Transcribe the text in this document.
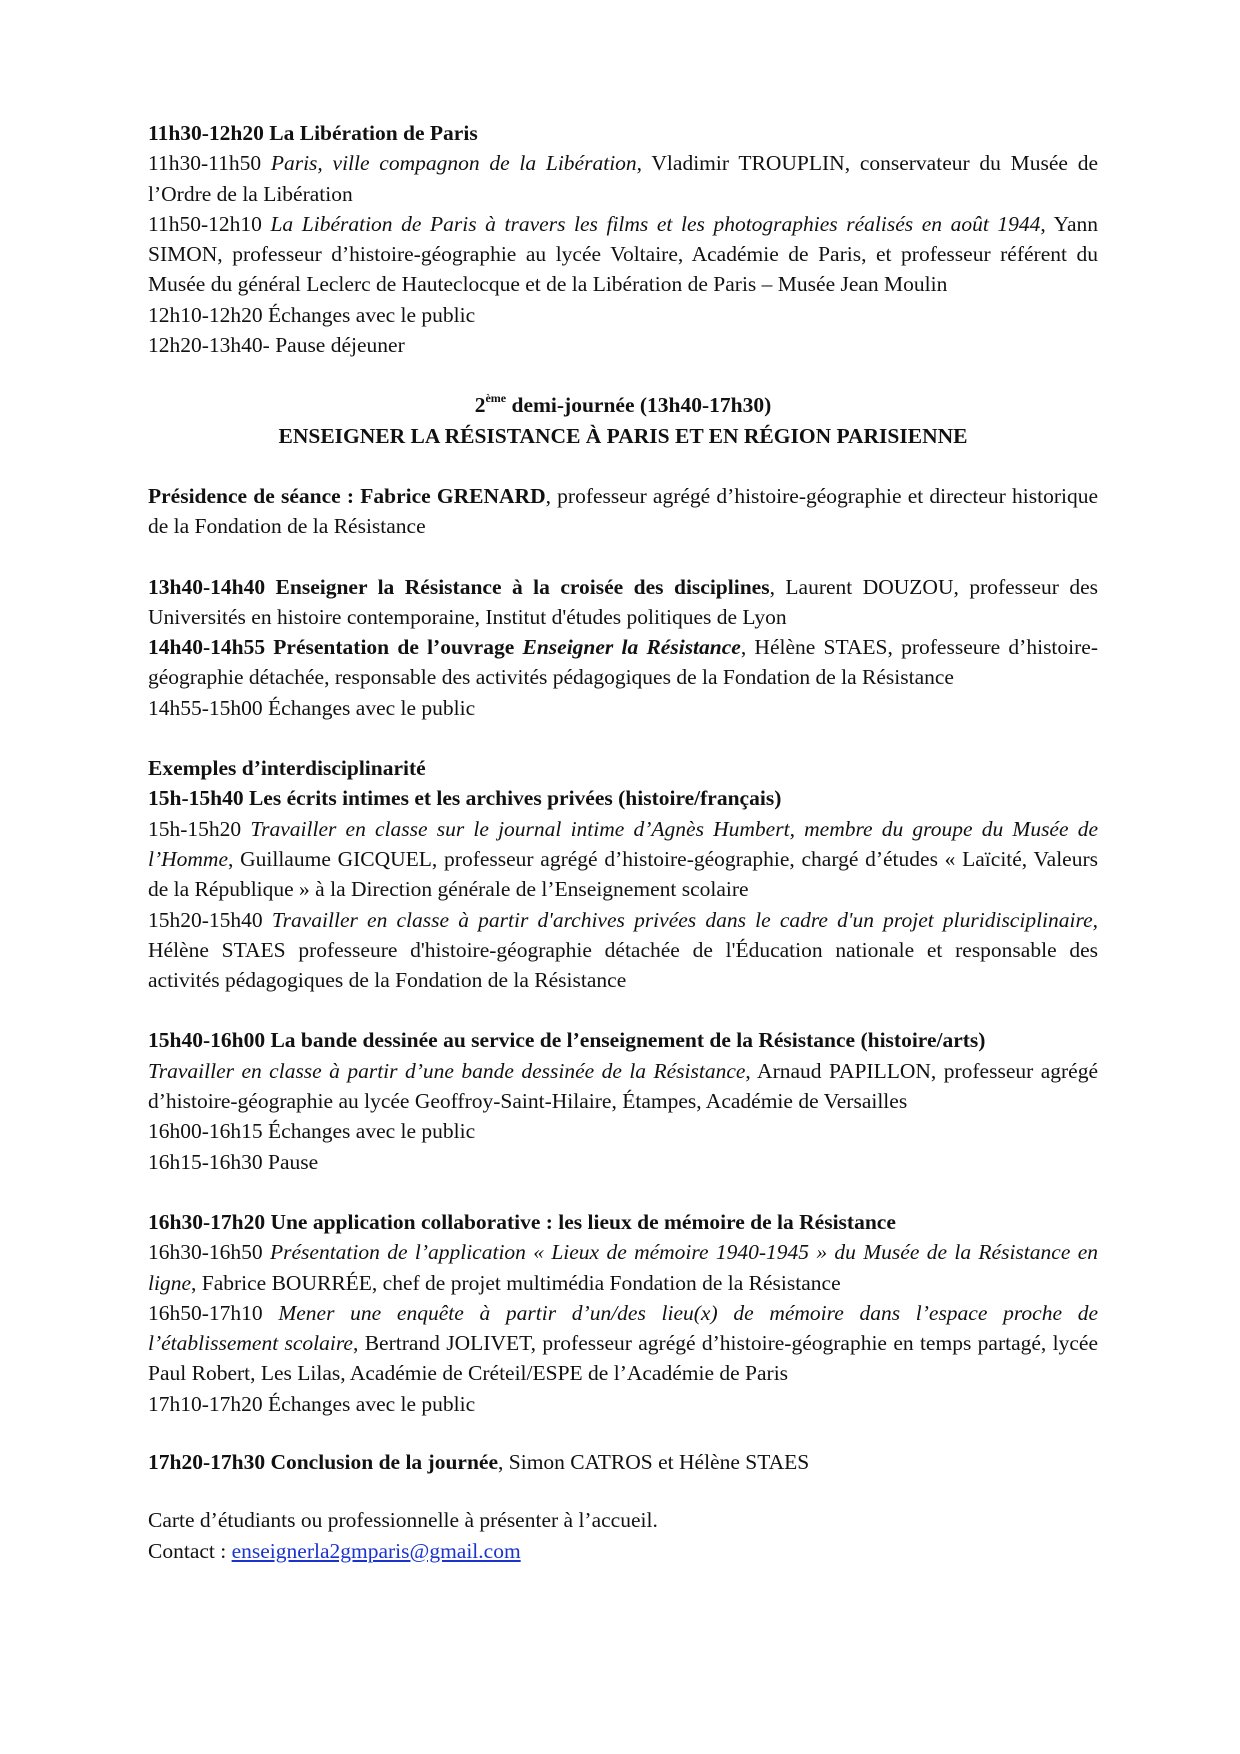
11h30-12h20 La Libération de Paris

11h30-11h50 Paris, ville compagnon de la Libération, Vladimir TROUPLIN, conservateur du Musée de l’Ordre de la Libération

11h50-12h10 La Libération de Paris à travers les films et les photographies réalisés en août 1944, Yann SIMON, professeur d’histoire-géographie au lycée Voltaire, Académie de Paris, et professeur référent du Musée du général Leclerc de Hauteclocque et de la Libération de Paris – Musée Jean Moulin

12h10-12h20 Échanges avec le public

12h20-13h40- Pause déjeuner

2ème demi-journée (13h40-17h30)

ENSEIGNER LA RÉSISTANCE À PARIS ET EN RÉGION PARISIENNE

Présidence de séance : Fabrice GRENARD, professeur agrégé d’histoire-géographie et directeur historique de la Fondation de la Résistance

13h40-14h40 Enseigner la Résistance à la croisée des disciplines, Laurent DOUZOU, professeur des Universités en histoire contemporaine, Institut d'études politiques de Lyon

14h40-14h55 Présentation de l’ouvrage Enseigner la Résistance, Hélène STAES, professeure d’histoire-géographie détachée, responsable des activités pédagogiques de la Fondation de la Résistance

14h55-15h00 Échanges avec le public

Exemples d’interdisciplinarité

15h-15h40 Les écrits intimes et les archives privées (histoire/français)

15h-15h20 Travailler en classe sur le journal intime d’Agnès Humbert, membre du groupe du Musée de l’Homme, Guillaume GICQUEL, professeur agrégé d’histoire-géographie, chargé d’études « Laïcité, Valeurs de la République » à la Direction générale de l’Enseignement scolaire

15h20-15h40 Travailler en classe à partir d'archives privées dans le cadre d'un projet pluridisciplinaire, Hélène STAES professeure d'histoire-géographie détachée de l'Éducation nationale et responsable des activités pédagogiques de la Fondation de la Résistance

15h40-16h00 La bande dessinée au service de l’enseignement de la Résistance (histoire/arts)

Travailler en classe à partir d’une bande dessinée de la Résistance, Arnaud PAPILLON, professeur agrégé d’histoire-géographie au lycée Geoffroy-Saint-Hilaire, Étampes, Académie de Versailles

16h00-16h15 Échanges avec le public

16h15-16h30 Pause

16h30-17h20 Une application collaborative : les lieux de mémoire de la Résistance

16h30-16h50 Présentation de l’application « Lieux de mémoire 1940-1945 » du Musée de la Résistance en ligne, Fabrice BOURRÉE, chef de projet multimédia Fondation de la Résistance

16h50-17h10 Mener une enquête à partir d’un/des lieu(x) de mémoire dans l’espace proche de l’établissement scolaire, Bertrand JOLIVET, professeur agrégé d’histoire-géographie en temps partagé, lycée Paul Robert, Les Lilas, Académie de Créteil/ESPE de l’Académie de Paris

17h10-17h20 Échanges avec le public

17h20-17h30 Conclusion de la journée, Simon CATROS et Hélène STAES

Carte d’étudiants ou professionnelle à présenter à l’accueil.

Contact : enseignerla2gmparis@gmail.com
